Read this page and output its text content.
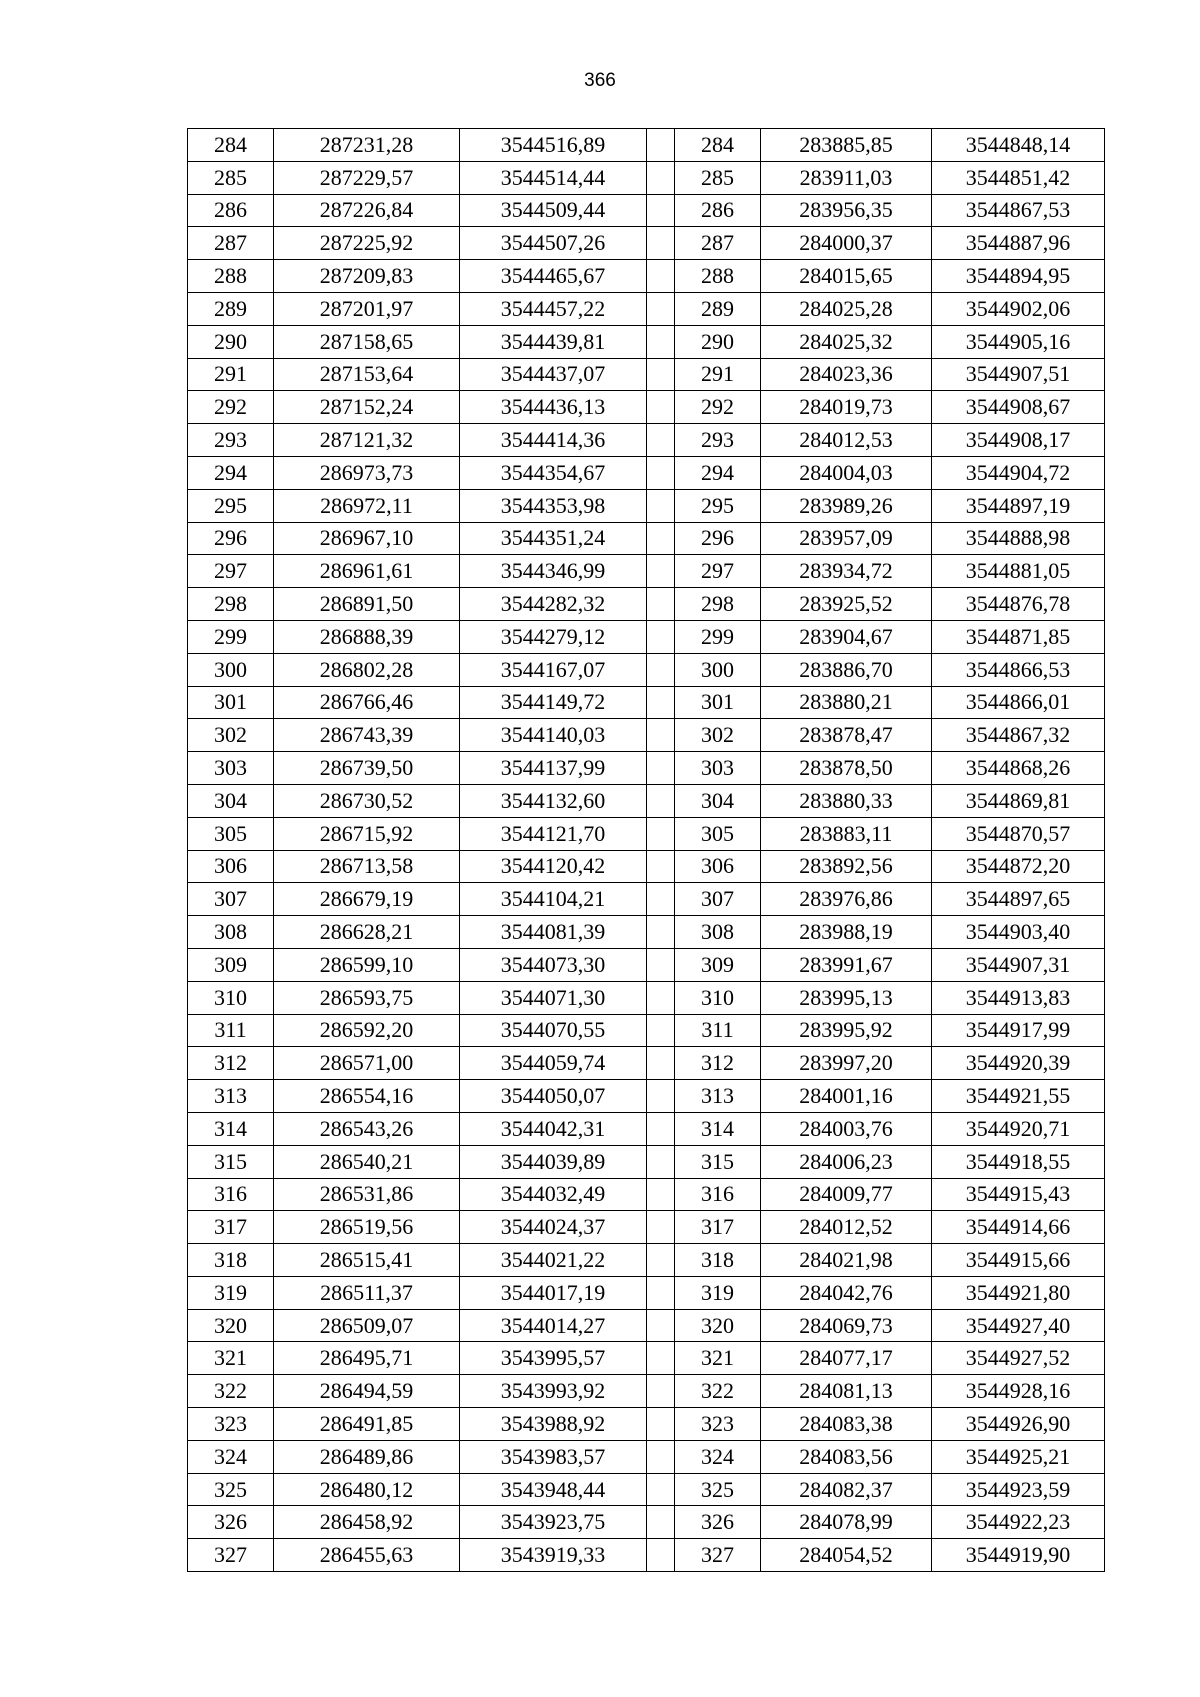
366
284	287231,28	3544516,89		284	283885,85	3544848,14
285	287229,57	3544514,44		285	283911,03	3544851,42
286	287226,84	3544509,44		286	283956,35	3544867,53
287	287225,92	3544507,26		287	284000,37	3544887,96
288	287209,83	3544465,67		288	284015,65	3544894,95
289	287201,97	3544457,22		289	284025,28	3544902,06
290	287158,65	3544439,81		290	284025,32	3544905,16
291	287153,64	3544437,07		291	284023,36	3544907,51
292	287152,24	3544436,13		292	284019,73	3544908,67
293	287121,32	3544414,36		293	284012,53	3544908,17
294	286973,73	3544354,67		294	284004,03	3544904,72
295	286972,11	3544353,98		295	283989,26	3544897,19
296	286967,10	3544351,24		296	283957,09	3544888,98
297	286961,61	3544346,99		297	283934,72	3544881,05
298	286891,50	3544282,32		298	283925,52	3544876,78
299	286888,39	3544279,12		299	283904,67	3544871,85
300	286802,28	3544167,07		300	283886,70	3544866,53
301	286766,46	3544149,72		301	283880,21	3544866,01
302	286743,39	3544140,03		302	283878,47	3544867,32
303	286739,50	3544137,99		303	283878,50	3544868,26
304	286730,52	3544132,60		304	283880,33	3544869,81
305	286715,92	3544121,70		305	283883,11	3544870,57
306	286713,58	3544120,42		306	283892,56	3544872,20
307	286679,19	3544104,21		307	283976,86	3544897,65
308	286628,21	3544081,39		308	283988,19	3544903,40
309	286599,10	3544073,30		309	283991,67	3544907,31
310	286593,75	3544071,30		310	283995,13	3544913,83
311	286592,20	3544070,55		311	283995,92	3544917,99
312	286571,00	3544059,74		312	283997,20	3544920,39
313	286554,16	3544050,07		313	284001,16	3544921,55
314	286543,26	3544042,31		314	284003,76	3544920,71
315	286540,21	3544039,89		315	284006,23	3544918,55
316	286531,86	3544032,49		316	284009,77	3544915,43
317	286519,56	3544024,37		317	284012,52	3544914,66
318	286515,41	3544021,22		318	284021,98	3544915,66
319	286511,37	3544017,19		319	284042,76	3544921,80
320	286509,07	3544014,27		320	284069,73	3544927,40
321	286495,71	3543995,57		321	284077,17	3544927,52
322	286494,59	3543993,92		322	284081,13	3544928,16
323	286491,85	3543988,92		323	284083,38	3544926,90
324	286489,86	3543983,57		324	284083,56	3544925,21
325	286480,12	3543948,44		325	284082,37	3544923,59
326	286458,92	3543923,75		326	284078,99	3544922,23
327	286455,63	3543919,33		327	284054,52	3544919,90
